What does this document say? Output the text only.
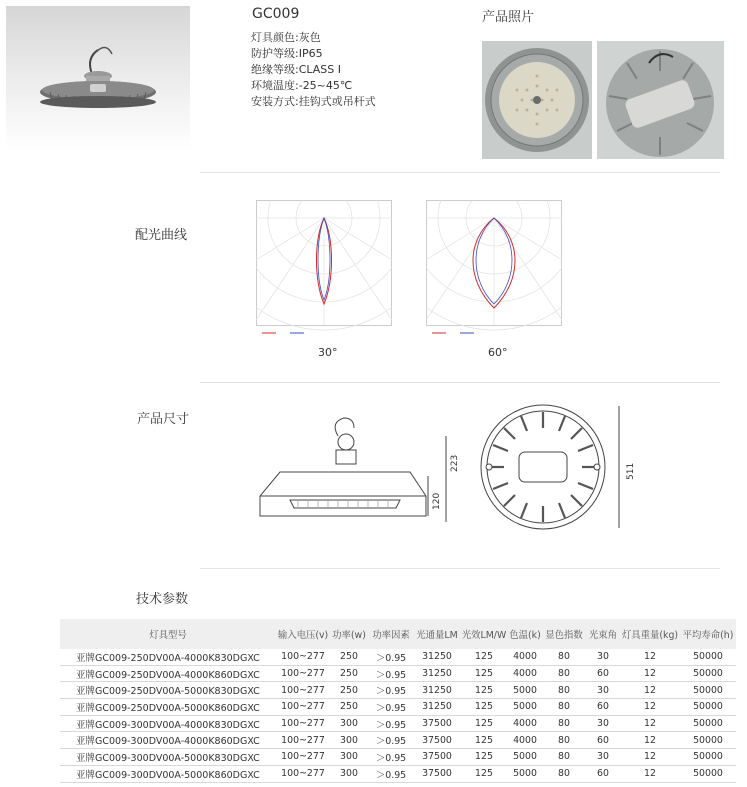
GC009
灯具颜色:灰色
防护等级:IP65
绝缘等级:CLASS I
环境温度:-25~45℃
安装方式:挂钩式或吊杆式
产品照片
配光曲线
30°	60°
产品尺寸
223
120
511
技术参数
灯具型号	输入电压(v)	功率(w)	功率因素	光通量LM	光效LM/W	色温(k)	显色指数	光束角	灯具重量(kg)	平均寿命(h)
亚牌GC009-250DV00A-4000K830DGXC	100~277	250	＞0.95	31250	125	4000	80	30	12	50000
亚牌GC009-250DV00A-4000K860DGXC	100~277	250	＞0.95	31250	125	4000	80	60	12	50000
亚牌GC009-250DV00A-5000K830DGXC	100~277	250	＞0.95	31250	125	5000	80	30	12	50000
亚牌GC009-250DV00A-5000K860DGXC	100~277	250	＞0.95	31250	125	5000	80	60	12	50000
亚牌GC009-300DV00A-4000K830DGXC	100~277	300	＞0.95	37500	125	4000	80	30	12	50000
亚牌GC009-300DV00A-4000K860DGXC	100~277	300	＞0.95	37500	125	4000	80	60	12	50000
亚牌GC009-300DV00A-5000K830DGXC	100~277	300	＞0.95	37500	125	5000	80	30	12	50000
亚牌GC009-300DV00A-5000K860DGXC	100~277	300	＞0.95	37500	125	5000	80	60	12	50000
